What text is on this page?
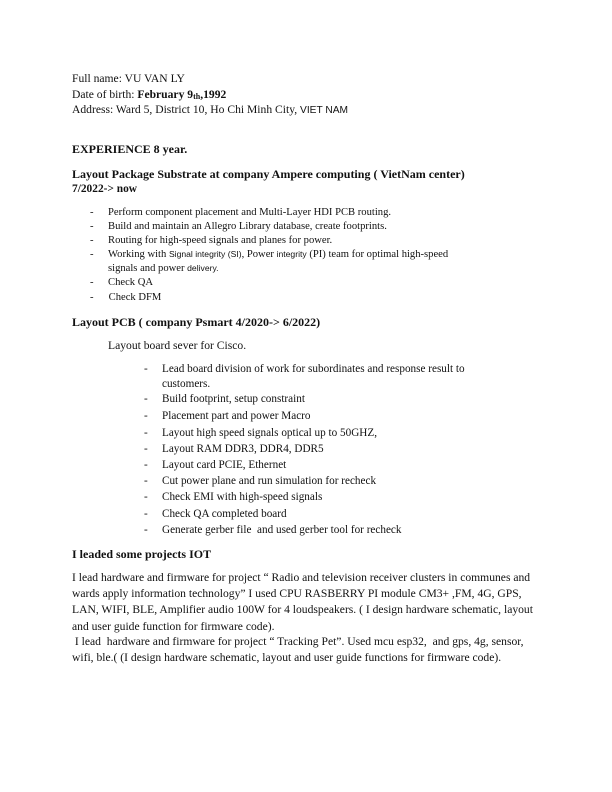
Full name: VU VAN LY
Date of birth: February 9th,1992
Address: Ward 5, District 10, Ho Chi Minh City, VIET NAM
EXPERIENCE 8 year.
Layout Package Substrate at company Ampere computing ( VietNam center)
7/2022-> now
- Perform component placement and Multi-Layer HDI PCB routing.
- Build and maintain an Allegro Library database, create footprints.
- Routing for high-speed signals and planes for power.
- Working with Signal integrity (SI), Power integrity (PI) team for optimal high-speed
signals and power delivery.
- Check QA
- Check DFM
Layout PCB ( company Psmart 4/2020-> 6/2022)
Layout board sever for Cisco.
- Lead board division of work for subordinates and response result to
customers.
- Build footprint, setup constraint
- Placement part and power Macro
- Layout high speed signals optical up to 50GHZ,
- Layout RAM DDR3, DDR4, DDR5
- Layout card PCIE, Ethernet
- Cut power plane and run simulation for recheck
- Check EMI with high-speed signals
- Check QA completed board
- Generate gerber file  and used gerber tool for recheck
I leaded some projects IOT
I lead hardware and firmware for project “ Radio and television receiver clusters in communes and wards apply information technology” I used CPU RASBERRY PI module CM3+ ,FM, 4G, GPS, LAN, WIFI, BLE, Amplifier audio 100W for 4 loudspeakers. ( I design hardware schematic, layout and user guide function for firmware code).
I lead  hardware and firmware for project “ Tracking Pet”. Used mcu esp32,  and gps, 4g, sensor, wifi, ble.( (I design hardware schematic, layout and user guide functions for firmware code).
